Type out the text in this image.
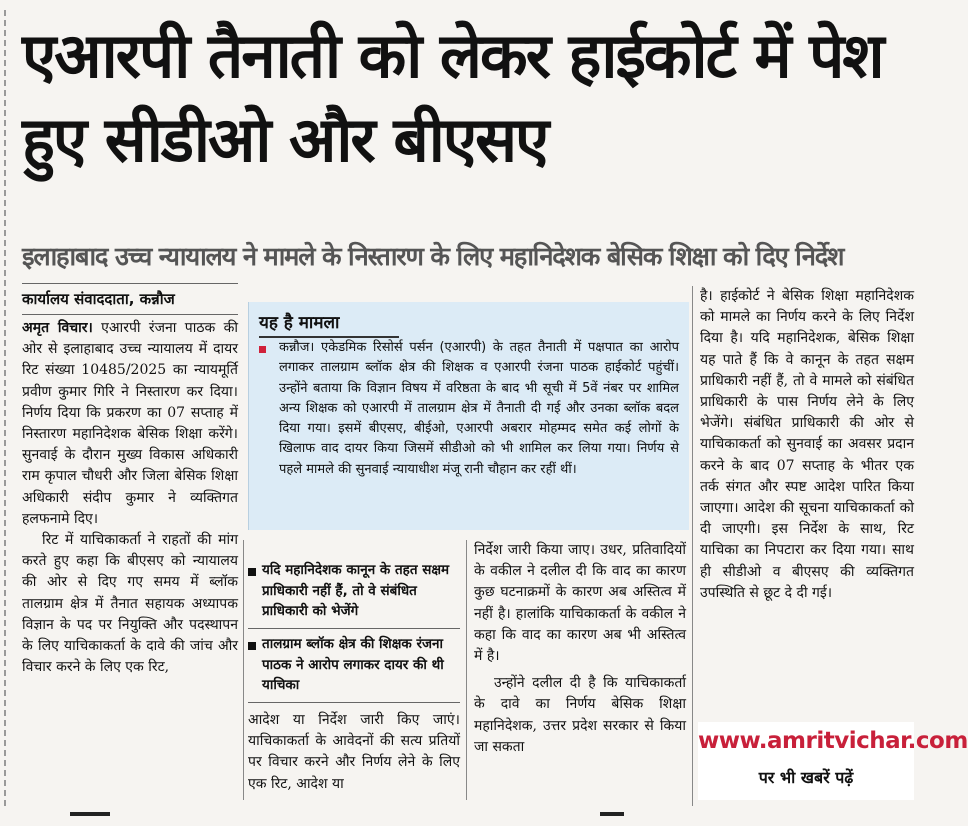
एआरपी तैनाती को लेकर हाईकोर्ट में पेश हुए सीडीओ और बीएसए
इलाहाबाद उच्च न्यायालय ने मामले के निस्तारण के लिए महानिदेशक बेसिक शिक्षा को दिए निर्देश
कार्यालय संवाददाता, कन्नौज

अमृत विचार। एआरपी रंजना पाठक की ओर से इलाहाबाद उच्च न्यायालय में दायर रिट संख्या 10485/2025 का न्यायमूर्ति प्रवीण कुमार गिरि ने निस्तारण कर दिया। निर्णय दिया कि प्रकरण का 07 सप्ताह में निस्तारण महानिदेशक बेसिक शिक्षा करेंगे। सुनवाई के दौरान मुख्य विकास अधिकारी राम कृपाल चौधरी और जिला बेसिक शिक्षा अधिकारी संदीप कुमार ने व्यक्तिगत हलफनामे दिए।

रिट में याचिकाकर्ता ने राहतों की मांग करते हुए कहा कि बीएसए को न्यायालय की ओर से दिए गए समय में ब्लॉक तालग्राम क्षेत्र में तैनात सहायक अध्यापक विज्ञान के पद पर नियुक्ति और पदस्थापन के लिए याचिकाकर्ता के दावे की जांच और विचार करने के लिए एक रिट,

यह है मामला
कन्नौज। एकेडमिक रिसोर्स पर्सन (एआरपी) के तहत तैनाती में पक्षपात का आरोप लगाकर तालग्राम ब्लॉक क्षेत्र की शिक्षक व एआरपी रंजना पाठक हाईकोर्ट पहुंचीं। उन्होंने बताया कि विज्ञान विषय में वरिष्ठता के बाद भी सूची में 5वें नंबर पर शामिल अन्य शिक्षक को एआरपी में तालग्राम क्षेत्र में तैनाती दी गई और उनका ब्लॉक बदल दिया गया। इसमें बीएसए, बीईओ, एआरपी अबरार मोहम्मद समेत कई लोगों के खिलाफ वाद दायर किया जिसमें सीडीओ को भी शामिल कर लिया गया। निर्णय से पहले मामले की सुनवाई न्यायाधीश मंजू रानी चौहान कर रहीं थीं।
यदि महानिदेशक कानून के तहत सक्षम प्राधिकारी नहीं हैं, तो वे संबंधित प्राधिकारी को भेजेंगे
तालग्राम ब्लॉक क्षेत्र की शिक्षक रंजना पाठक ने आरोप लगाकर दायर की थी याचिका

आदेश या निर्देश जारी किए जाएं। याचिकाकर्ता के आवेदनों की सत्य प्रतियों पर विचार करने और निर्णय लेने के लिए एक रिट, आदेश या

निर्देश जारी किया जाए। उधर, प्रतिवादियों के वकील ने दलील दी कि वाद का कारण कुछ घटनाक्रमों के कारण अब अस्तित्व में नहीं है। हालांकि याचिकाकर्ता के वकील ने कहा कि वाद का कारण अब भी अस्तित्व में है।

उन्होंने दलील दी है कि याचिकाकर्ता के दावे का निर्णय बेसिक शिक्षा महानिदेशक, उत्तर प्रदेश सरकार से किया जा सकता

है। हाईकोर्ट ने बेसिक शिक्षा महानिदेशक को मामले का निर्णय करने के लिए निर्देश दिया है। यदि महानिदेशक, बेसिक शिक्षा यह पाते हैं कि वे कानून के तहत सक्षम प्राधिकारी नहीं हैं, तो वे मामले को संबंधित प्राधिकारी के पास निर्णय लेने के लिए भेजेंगे। संबंधित प्राधिकारी की ओर से याचिकाकर्ता को सुनवाई का अवसर प्रदान करने के बाद 07 सप्ताह के भीतर एक तर्क संगत और स्पष्ट आदेश पारित किया जाएगा। आदेश की सूचना याचिकाकर्ता को दी जाएगी। इस निर्देश के साथ, रिट याचिका का निपटारा कर दिया गया। साथ ही सीडीओ व बीएसए की व्यक्तिगत उपस्थिति से छूट दे दी गई।

www.amritvichar.com
पर भी खबरें पढ़ें
